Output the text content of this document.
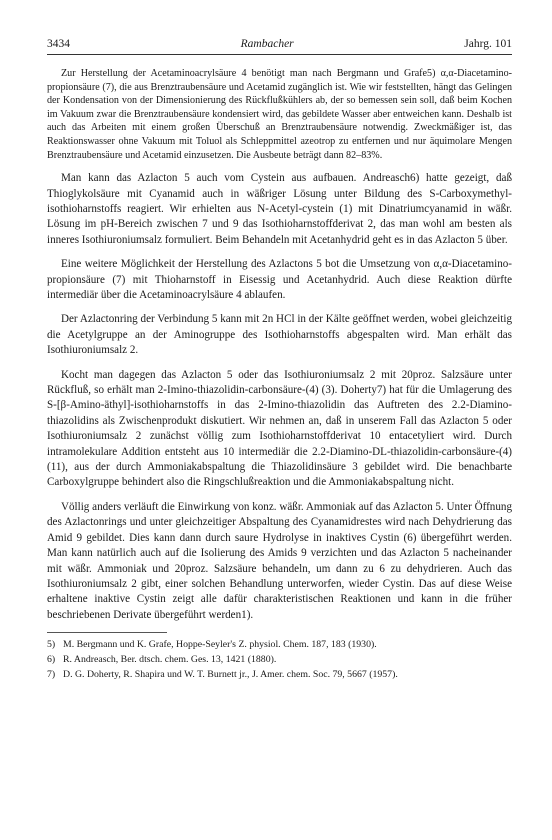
3434	Rambacher	Jahrg. 101

Zur Herstellung der Acetaminoacrylsäure 4 benötigt man nach Bergmann und Grafe5) α,α-Diacetamino-propionsäure (7), die aus Brenztraubensäure und Acetamid zugänglich ist. Wie wir feststellten, hängt das Gelingen der Kondensation von der Dimensionierung des Rückflußkühlers ab, der so bemessen sein soll, daß beim Kochen im Vakuum zwar die Brenztraubensäure kondensiert wird, das gebildete Wasser aber entweichen kann. Deshalb ist auch das Arbeiten mit einem großen Überschuß an Brenztraubensäure notwendig. Zweckmäßiger ist, das Reaktionswasser ohne Vakuum mit Toluol als Schleppmittel azeotrop zu entfernen und nur äquimolare Mengen Brenztraubensäure und Acetamid einzusetzen. Die Ausbeute beträgt dann 82–83%.

Man kann das Azlacton 5 auch vom Cystein aus aufbauen. Andreasch6) hatte gezeigt, daß Thioglykolsäure mit Cyanamid auch in wäßriger Lösung unter Bildung des S-Carboxymethyl-isothioharnstoffs reagiert. Wir erhielten aus N-Acetyl-cystein (1) mit Dinatriumcyanamid in wäßr. Lösung im pH-Bereich zwischen 7 und 9 das Isothioharnstoffderivat 2, das man wohl am besten als inneres Isothiuroniumsalz formuliert. Beim Behandeln mit Acetanhydrid geht es in das Azlacton 5 über.

Eine weitere Möglichkeit der Herstellung des Azlactons 5 bot die Umsetzung von α,α-Diacetamino-propionsäure (7) mit Thioharnstoff in Eisessig und Acetanhydrid. Auch diese Reaktion dürfte intermediär über die Acetaminoacrylsäure 4 ablaufen.

Der Azlactonring der Verbindung 5 kann mit 2n HCl in der Kälte geöffnet werden, wobei gleichzeitig die Acetylgruppe an der Aminogruppe des Isothioharnstoffs abgespalten wird. Man erhält das Isothiuroniumsalz 2.

Kocht man dagegen das Azlacton 5 oder das Isothiuroniumsalz 2 mit 20proz. Salzsäure unter Rückfluß, so erhält man 2-Imino-thiazolidin-carbonsäure-(4) (3). Doherty7) hat für die Umlagerung des S-[β-Amino-äthyl]-isothioharnstoffs in das 2-Imino-thiazolidin das Auftreten des 2.2-Diamino-thiazolidins als Zwischenprodukt diskutiert. Wir nehmen an, daß in unserem Fall das Azlacton 5 oder Isothiuroniumsalz 2 zunächst völlig zum Isothioharnstoffderivat 10 entacetyliert wird. Durch intramolekulare Addition entsteht aus 10 intermediär die 2.2-Diamino-DL-thiazolidin-carbonsäure-(4) (11), aus der durch Ammoniakabspaltung die Thiazolidinsäure 3 gebildet wird. Die benachbarte Carboxylgruppe behindert also die Ringschlußreaktion und die Ammoniakabspaltung nicht.

Völlig anders verläuft die Einwirkung von konz. wäßr. Ammoniak auf das Azlacton 5. Unter Öffnung des Azlactonrings und unter gleichzeitiger Abspaltung des Cyanamidrestes wird nach Dehydrierung das Amid 9 gebildet. Dies kann dann durch saure Hydrolyse in inaktives Cystin (6) übergeführt werden. Man kann natürlich auch auf die Isolierung des Amids 9 verzichten und das Azlacton 5 nacheinander mit wäßr. Ammoniak und 20proz. Salzsäure behandeln, um dann zu 6 zu dehydrieren. Auch das Isothiuroniumsalz 2 gibt, einer solchen Behandlung unterworfen, wieder Cystin. Das auf diese Weise erhaltene inaktive Cystin zeigt alle dafür charakteristischen Reaktionen und kann in die früher beschriebenen Derivate übergeführt werden1).

5) M. Bergmann und K. Grafe, Hoppe-Seyler's Z. physiol. Chem. 187, 183 (1930).

6) R. Andreasch, Ber. dtsch. chem. Ges. 13, 1421 (1880).

7) D. G. Doherty, R. Shapira und W. T. Burnett jr., J. Amer. chem. Soc. 79, 5667 (1957).
